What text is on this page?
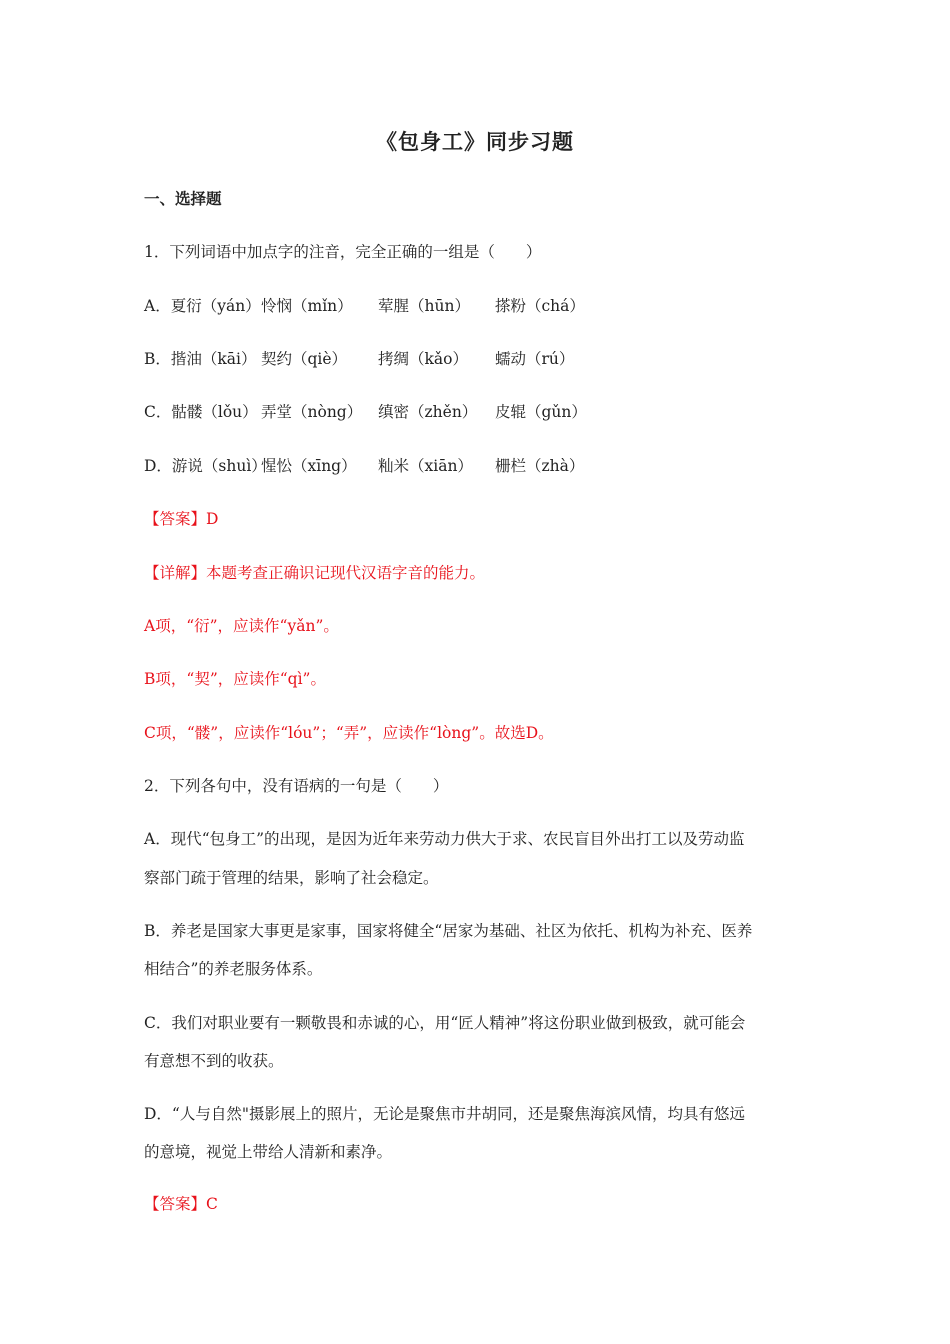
《包身工》同步习题
一、选择题
1．下列词语中加点字的注音，完全正确的一组是（　　）
A．夏衍（yán）怜悯（mǐn） 荤腥（hūn） 搽粉（chá）
B．揩油（kāi） 契约（qiè） 拷绸（kǎo） 蠕动（rú）
C．骷髅（lǒu） 弄堂（nòng） 缜密（zhěn） 皮辊（gǔn）
D．游说（shuì）惺忪（xīng） 籼米（xiān） 栅栏（zhà）
【答案】D
【详解】本题考查正确识记现代汉语字音的能力。
A项，“衍”，应读作“yǎn”。
B项，“契”，应读作“qì”。
C项，“髅”，应读作“lóu”；“弄”，应读作“lòng”。故选D。
2．下列各句中，没有语病的一句是（　　）
A．现代“包身工”的出现，是因为近年来劳动力供大于求、农民盲目外出打工以及劳动监
察部门疏于管理的结果，影响了社会稳定。
B．养老是国家大事更是家事，国家将健全“居家为基础、社区为依托、机构为补充、医养
相结合”的养老服务体系。
C．我们对职业要有一颗敬畏和赤诚的心，用“匠人精神”将这份职业做到极致，就可能会
有意想不到的收获。
D．“人与自然"摄影展上的照片，无论是聚焦市井胡同，还是聚焦海滨风情，均具有悠远
的意境，视觉上带给人清新和素净。
【答案】C
